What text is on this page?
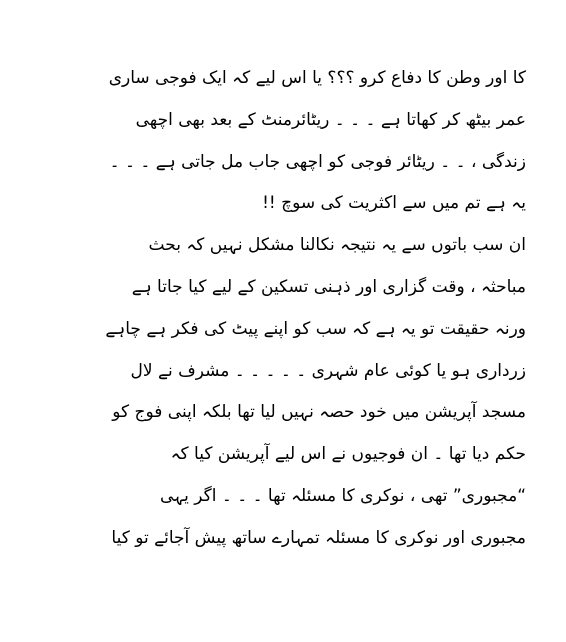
کا اور وطن کا دفاع کرو ؟؟؟ یا اس لیے کہ ایک فوجی ساری
عمر بیٹھ کر کھاتا ہے ۔ ۔ ۔ ریٹائرمنٹ کے بعد بھی اچھی
زندگی ، ۔ ۔ ریٹائر فوجی کو اچھی جاب مل جاتی ہے ۔ ۔ ۔
یہ ہے تم میں سے اکثریت کی سوچ !!
ان سب باتوں سے یہ نتیجہ نکالنا مشکل نہیں کہ بحث
مباحثہ ، وقت گزاری اور ذہنی تسکین کے لیے کیا جاتا ہے
ورنہ حقیقت تو یہ ہے کہ سب کو اپنے پیٹ کی فکر ہے چاہے
زرداری ہو یا کوئی عام شہری ۔ ۔ ۔ ۔ ۔ مشرف نے لال
مسجد آپریشن میں خود حصہ نہیں لیا تھا بلکہ اپنی فوج کو
حکم دیا تھا ۔ ان فوجیوں نے اس لیے آپریشن کیا کہ
“مجبوری” تھی ، نوکری کا مسئلہ تھا ۔ ۔ ۔ اگر یہی
مجبوری اور نوکری کا مسئلہ تمہارے ساتھ پیش آجائے تو کیا
